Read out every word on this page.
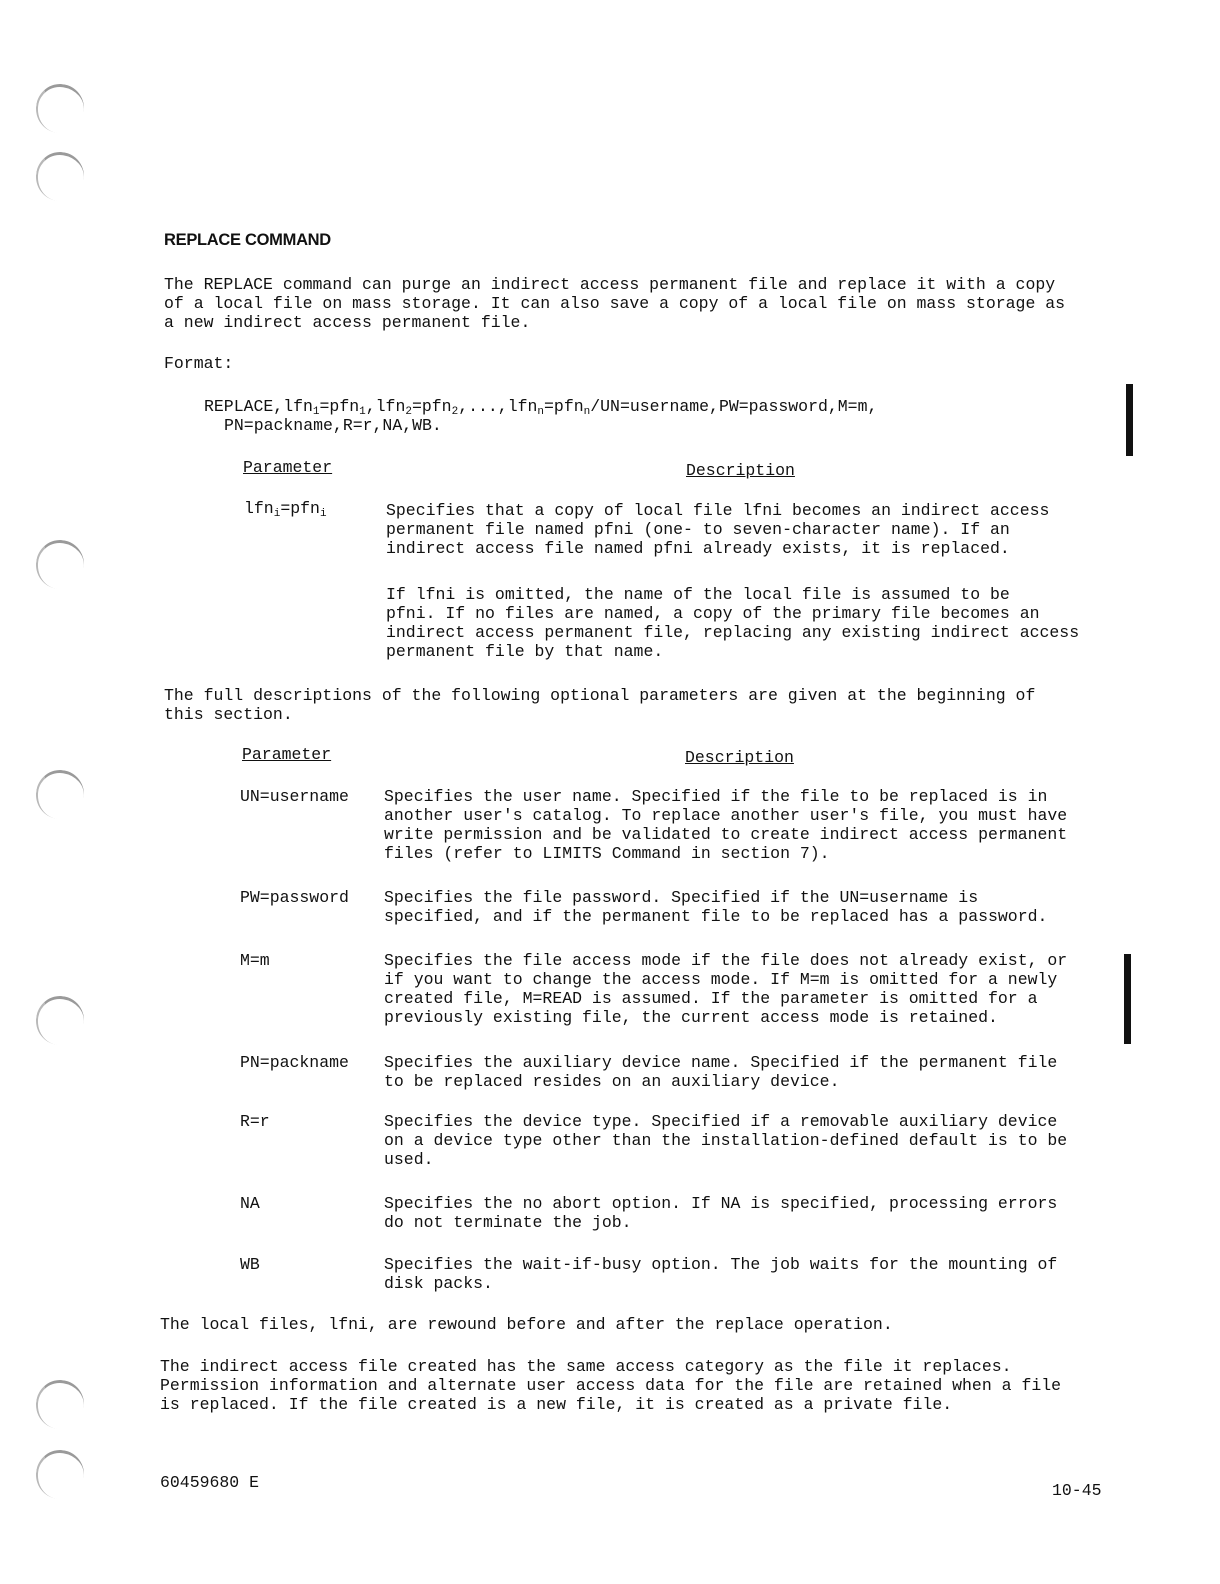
REPLACE COMMAND
The REPLACE command can purge an indirect access permanent file and replace it with a copy
of a local file on mass storage. It can also save a copy of a local file on mass storage as
a new indirect access permanent file.
Format:
REPLACE,lfn$_1$=pfn$_1$,lfn$_2$=pfn$_2$,...,lfn$_n$=pfn$_n$/UN=username,PW=password,M=m,
PN=packname,R=r,NA,WB.
Parameter	Description
lfn$_i$=pfn$_i$	Specifies that a copy of local file lfni becomes an indirect access
permanent file named pfni (one- to seven-character name). If an
indirect access file named pfni already exists, it is replaced.
If lfni is omitted, the name of the local file is assumed to be
pfni. If no files are named, a copy of the primary file becomes an
indirect access permanent file, replacing any existing indirect access
permanent file by that name.
The full descriptions of the following optional parameters are given at the beginning of
this section.
Parameter	Description
UN=username Specifies the user name. Specified if the file to be replaced is in
another user's catalog. To replace another user's file, you must have
write permission and be validated to create indirect access permanent
files (refer to LIMITS Command in section 7).
PW=password Specifies the file password. Specified if the UN=username is
specified, and if the permanent file to be replaced has a password.
M=m	Specifies the file access mode if the file does not already exist, or
if you want to change the access mode. If M=m is omitted for a newly
created file, M=READ is assumed. If the parameter is omitted for a
previously existing file, the current access mode is retained.
PN=packname Specifies the auxiliary device name. Specified if the permanent file
to be replaced resides on an auxiliary device.
R=r	Specifies the device type. Specified if a removable auxiliary device
on a device type other than the installation-defined default is to be
used.
NA	Specifies the no abort option. If NA is specified, processing errors
do not terminate the job.
WB	Specifies the wait-if-busy option. The job waits for the mounting of
disk packs.
The local files, lfni, are rewound before and after the replace operation.
The indirect access file created has the same access category as the file it replaces.
Permission information and alternate user access data for the file are retained when a file
is replaced. If the file created is a new file, it is created as a private file.
60459680 E	10-45
